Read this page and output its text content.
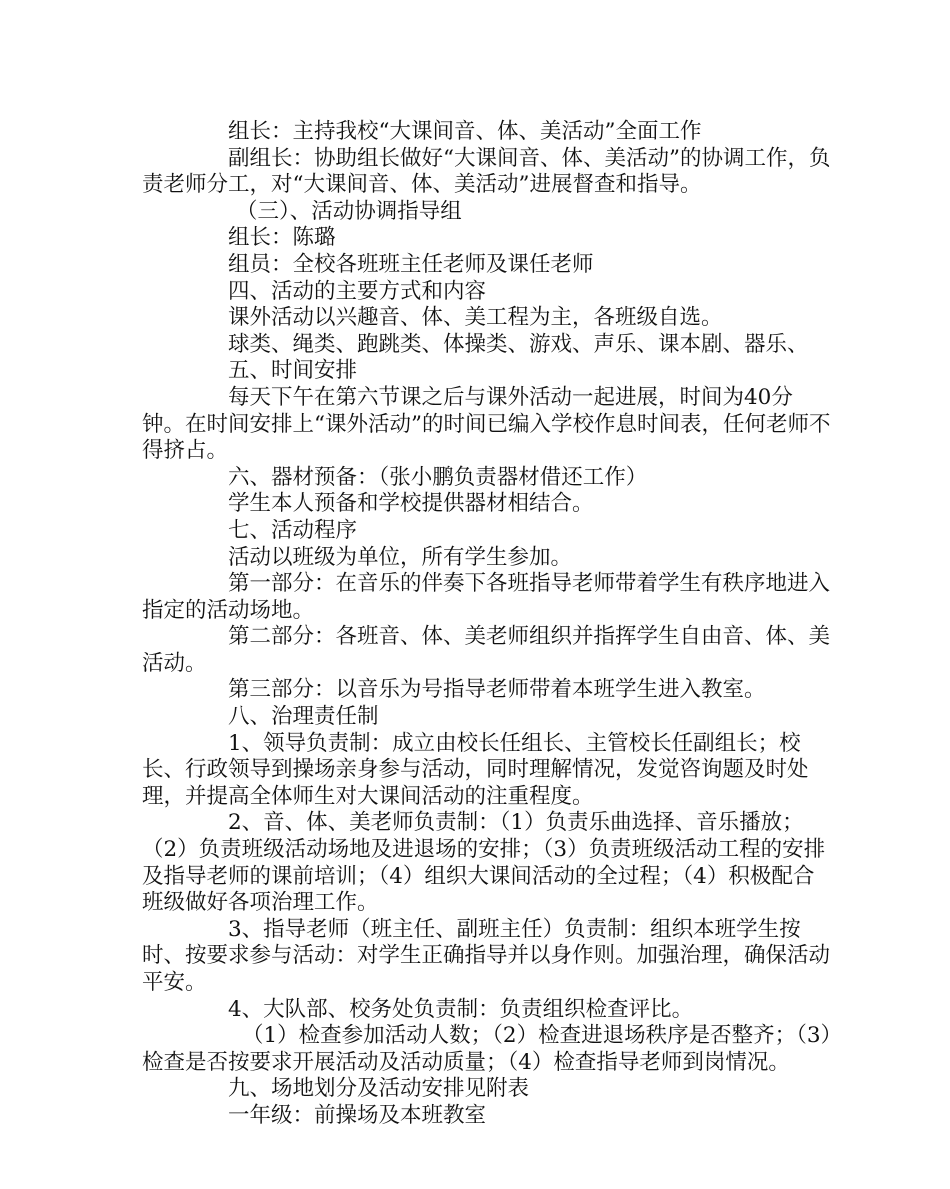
组长：主持我校“大课间音、体、美活动”全面工作

副组长：协助组长做好“大课间音、体、美活动”的协调工作，负责老师分工，对“大课间音、体、美活动”进展督查和指导。

（三）、活动协调指导组

组长：陈璐

组员：全校各班班主任老师及课任老师

四、活动的主要方式和内容

课外活动以兴趣音、体、美工程为主，各班级自选。

球类、绳类、跑跳类、体操类、游戏、声乐、课本剧、器乐、

五、时间安排

每天下午在第六节课之后与课外活动一起进展，时间为40分钟。在时间安排上“课外活动”的时间已编入学校作息时间表，任何老师不得挤占。

六、器材预备：（张小鹏负责器材借还工作）

学生本人预备和学校提供器材相结合。

七、活动程序

活动以班级为单位，所有学生参加。

第一部分：在音乐的伴奏下各班指导老师带着学生有秩序地进入指定的活动场地。

第二部分：各班音、体、美老师组织并指挥学生自由音、体、美活动。

第三部分：以音乐为号指导老师带着本班学生进入教室。

八、治理责任制

1、领导负责制：成立由校长任组长、主管校长任副组长；校长、行政领导到操场亲身参与活动，同时理解情况，发觉咨询题及时处理，并提高全体师生对大课间活动的注重程度。

2、音、体、美老师负责制：（1）负责乐曲选择、音乐播放；（2）负责班级活动场地及进退场的安排；（3）负责班级活动工程的安排及指导老师的课前培训；（4）组织大课间活动的全过程；（4）积极配合班级做好各项治理工作。

3、指导老师（班主任、副班主任）负责制：组织本班学生按时、按要求参与活动：对学生正确指导并以身作则。加强治理，确保活动平安。

4、大队部、校务处负责制：负责组织检查评比。

（1）检查参加活动人数；（2）检查进退场秩序是否整齐；（3）检查是否按要求开展活动及活动质量；（4）检查指导老师到岗情况。

九、场地划分及活动安排见附表

一年级：前操场及本班教室
